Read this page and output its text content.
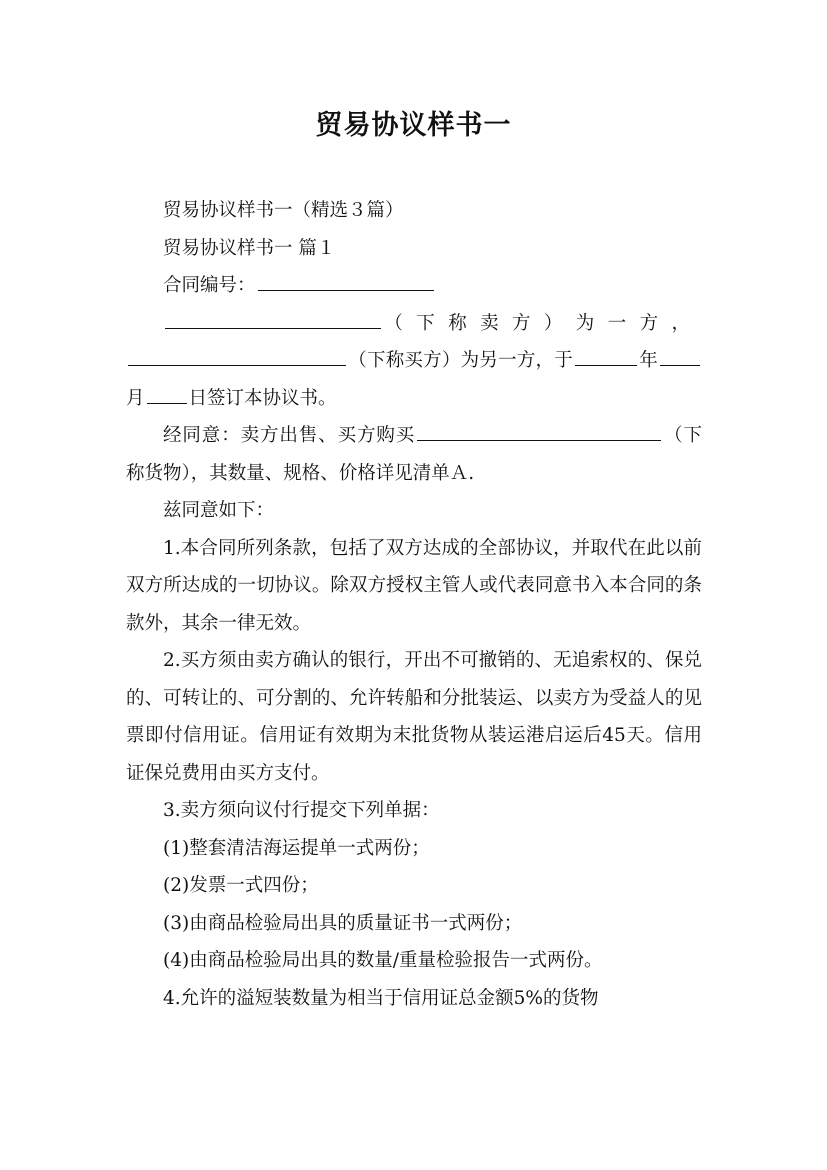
贸易协议样书一

贸易协议样书一（精选３篇）

贸易协议样书一 篇１

合同编号：

（下称卖方）为一方，（下称买方）为另一方，于	年月 日签订本协议书。

经同意：卖方出售、买方购买	（下称货物），其数量、规格、价格详见清单Ａ.

兹同意如下：

1.本合同所列条款，包括了双方达成的全部协议，并取代在此以前双方所达成的一切协议。除双方授权主管人或代表同意书入本合同的条款外，其余一律无效。

2.买方须由卖方确认的银行，开出不可撤销的、无追索权的、保兑的、可转让的、可分割的、允许转船和分批装运、以卖方为受益人的见票即付信用证。信用证有效期为末批货物从装运港启运后45天。信用证保兑费用由买方支付。

3.卖方须向议付行提交下列单据：

(1)整套清洁海运提单一式两份；

(2)发票一式四份；

(3)由商品检验局出具的质量证书一式两份；

(4)由商品检验局出具的数量/重量检验报告一式两份。

4.允许的溢短装数量为相当于信用证总金额5%的货物
